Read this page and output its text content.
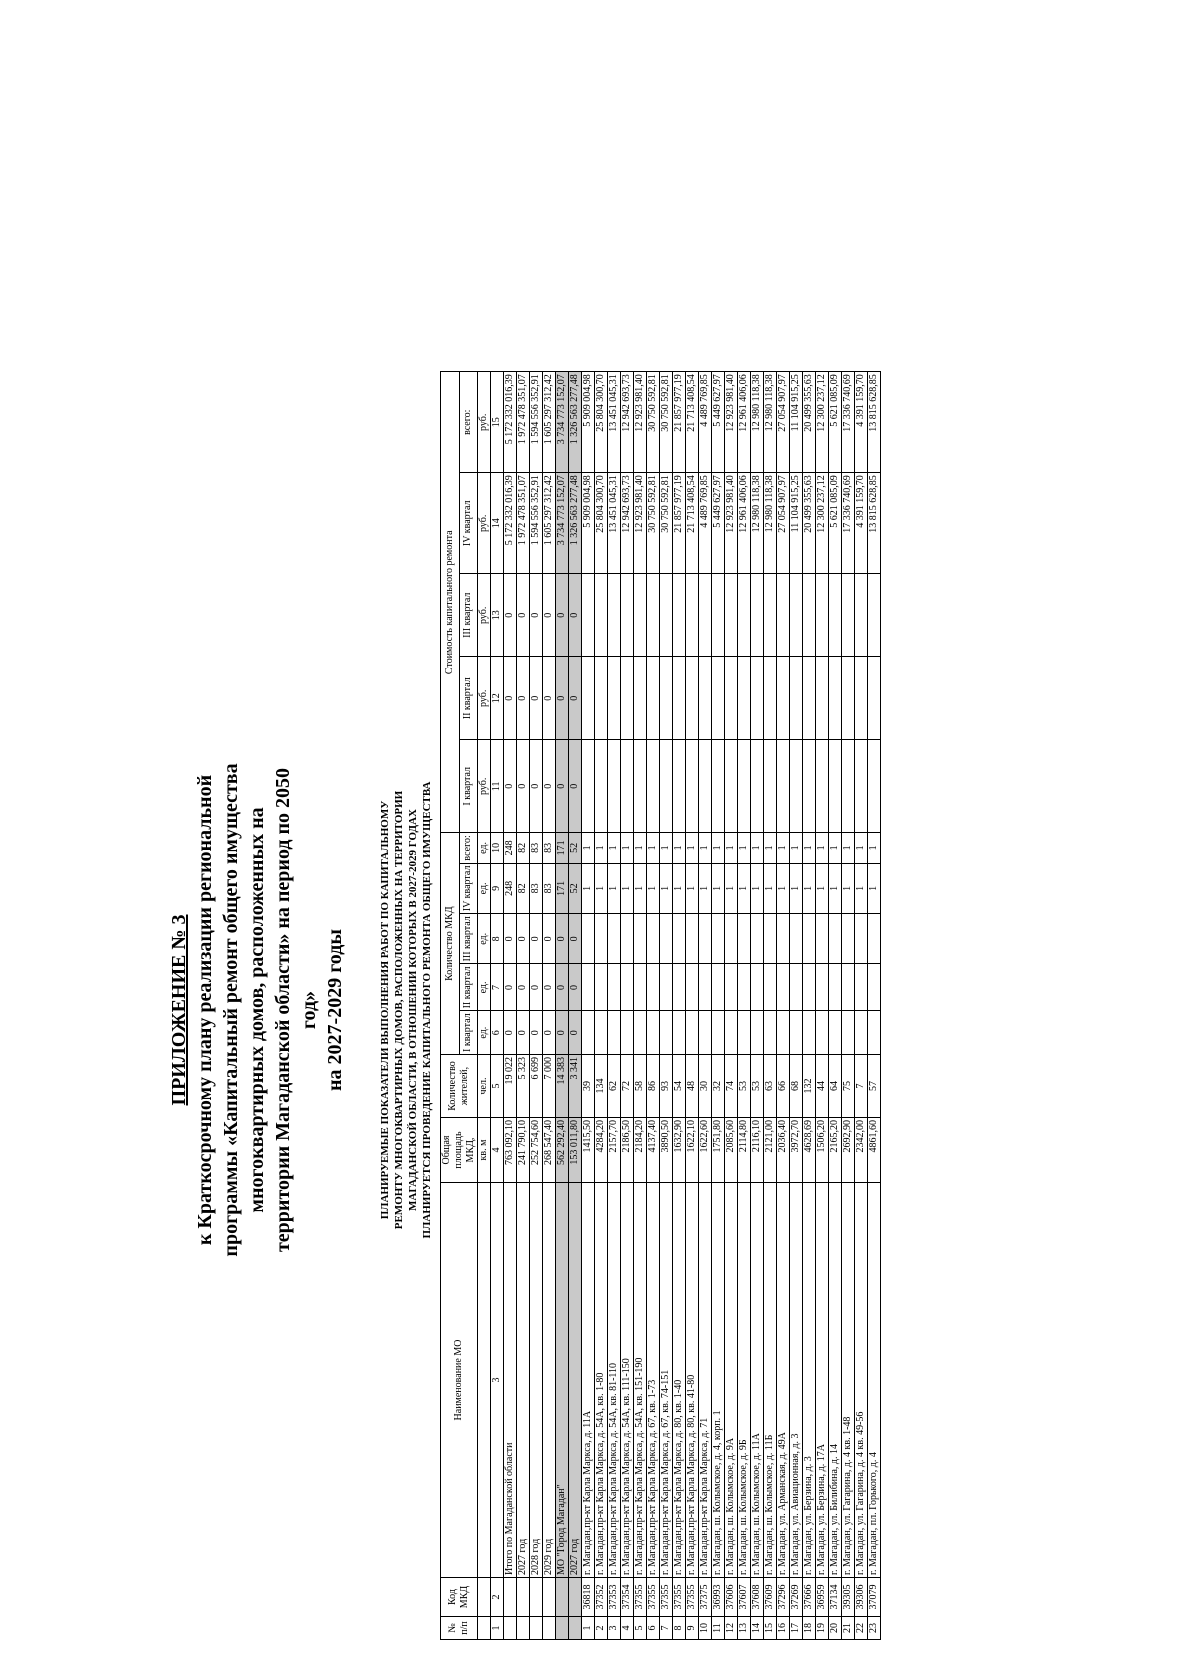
ПРИЛОЖЕНИЕ № 3 к Краткосрочному плану реализации региональной программы «Капитальный ремонт общего имущества многоквартирных домов, расположенных на территории Магаданской области» на период по 2050 год» на 2027-2029 годы	ПЛАНИРУЕМЫЕ ПОКАЗАТЕЛИ ВЫПОЛНЕНИЯ РАБОТ ПО КАПИТАЛЬНОМУ РЕМОНТУ МНОГОКВАРТИРНЫХ ДОМОВ, РАСПОЛОЖЕННЫХ НА ТЕРРИТОРИИ МАГАДАНСКОЙ ОБЛАСТИ, В ОТНОШЕНИИ КОТОРЫХ В 2027-2029 ГОДАХ ПЛАНИРУЕТСЯ ПРОВЕДЕНИЕ КАПИТАЛЬНОГО РЕМОНТА ОБЩЕГО ИМУЩЕСТВА
№ п/п	Код МКД	Наименование МО	Общая площадь МКД,	Количество жителей,	Количество МКД					Стоимость капитального ремонта				
					I квартал	II квартал	III квартал	IV квартал	всего:	I квартал	II квартал	III квартал	IV квартал	всего:
			кв. м	чел.	ед.	ед.	ед.	ед.	ед.	руб.	руб.	руб.	руб.	руб.
1	2	3	4	5	6	7	8	9	10	11	12	13	14	15
		Итого по Магаданской области	763 092,10	19 022	0	0	0	248	248	0	0	0	5 172 332 016,39	5 172 332 016,39
		2027 год	241 790,10	5 323	0	0	0	82	82	0	0	0	1 972 478 351,07	1 972 478 351,07
		2028 год	252 754,60	6 699	0	0	0	83	83	0	0	0	1 594 556 352,91	1 594 556 352,91
		2029 год	268 547,40	7 000	0	0	0	83	83	0	0	0	1 605 297 312,42	1 605 297 312,42
		МО "Город Магадан"	562 292,40	14 383	0	0	0	171	171	0	0	0	3 734 773 152,07	3 734 773 152,07
		2027 год	153 011,80	3 341	0	0	0	52	52	0	0	0	1 326 563 277,48	1 326 563 277,48
1	36818	г. Магадан,пр-кт Карла Маркса, д. 11А	1415,50	39				1	1				5 909 004,98	5 909 004,98
2	37352	г. Магадан,пр-кт Карла Маркса, д. 54А, кв. 1-80	4284,20	134				1	1				25 804 300,70	25 804 300,70
3	37353	г. Магадан,пр-кт Карла Маркса, д. 54А, кв. 81-110	2157,70	62				1	1				13 451 045,31	13 451 045,31
4	37354	г. Магадан,пр-кт Карла Маркса, д. 54А, кв. 111-150	2186,50	72				1	1				12 942 693,73	12 942 693,73
5	37355	г. Магадан,пр-кт Карла Маркса, д. 54А, кв. 151-190	2184,20	58				1	1				12 923 981,40	12 923 981,40
6	37355	г. Магадан,пр-кт Карла Маркса, д. 67, кв. 1-73	4137,40	86				1	1				30 750 592,81	30 750 592,81
7	37355	г. Магадан,пр-кт Карла Маркса, д. 67, кв. 74-151	3890,50	93				1	1				30 750 592,81	30 750 592,81
8	37355	г. Магадан,пр-кт Карла Маркса, д. 80, кв. 1-40	1632,90	54				1	1				21 857 977,19	21 857 977,19
9	37355	г. Магадан,пр-кт Карла Маркса, д. 80, кв. 41-80	1622,10	48				1	1				21 713 408,54	21 713 408,54
10	37375	г. Магадан,пр-кт Карла Маркса, д. 71	1622,60	30				1	1				4 489 769,85	4 489 769,85
11	36993	г. Магадан, ш. Колымское, д. 4, корп. 1	1751,80	32				1	1				5 449 627,97	5 449 627,97
12	37606	г. Магадан, ш. Колымское, д. 9А	2085,60	74				1	1				12 923 981,40	12 923 981,40
13	37607	г. Магадан, ш. Колымское, д. 9Б	2114,80	53				1	1				12 961 406,06	12 961 406,06
14	37608	г. Магадан, ш. Колымское, д. 11А	2116,10	53				1	1				12 980 118,38	12 980 118,38
15	37609	г. Магадан, ш. Колымское, д. 11Б	2121,00	63				1	1				12 980 118,38	12 980 118,38
16	37296	г. Магадан, ул. Арманская, д. 49А	2036,40	66				1	1				27 054 907,97	27 054 907,97
17	37269	г. Магадан, ул. Авиационная, д. 3	3972,70	68				1	1				11 104 915,25	11 104 915,25
18	37666	г. Магадан, ул. Берзина, д. 3	4628,69	132				1	1				20 499 355,63	20 499 355,63
19	36959	г. Магадан, ул. Берзина, д. 17А	1506,20	44				1	1				12 300 237,12	12 300 237,12
20	37134	г. Магадан, ул. Билибина, д. 14	2165,20	64				1	1				5 621 085,09	5 621 085,09
21	39305	г. Магадан, ул. Гагарина, д. 4 кв. 1-48	2692,90	75				1	1				17 336 740,69	17 336 740,69
22	39306	г. Магадан, ул. Гагарина, д. 4 кв. 49-56	2342,00	7				1	1				4 391 159,70	4 391 159,70
23	37079	г. Магадан, пл. Горького, д. 4	4861,60	57				1	1				13 815 628,85	13 815 628,85
